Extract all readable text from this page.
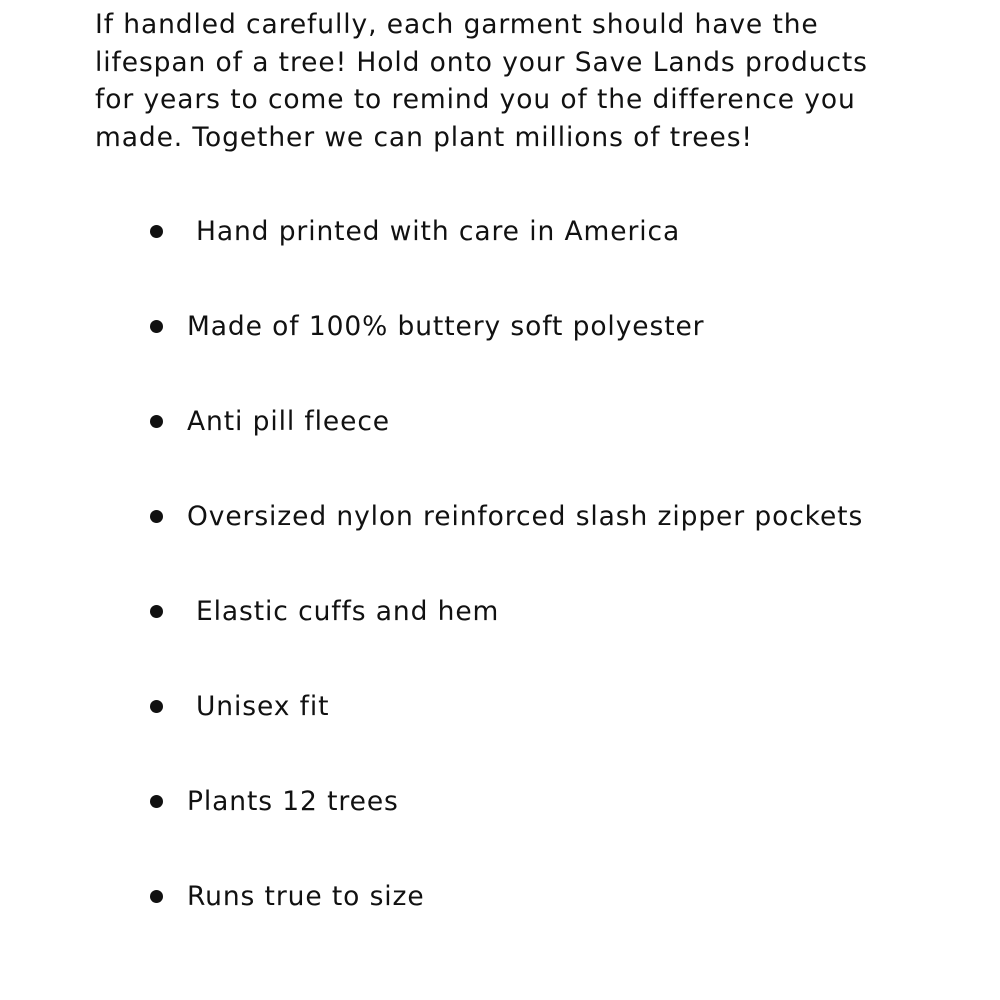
If handled carefully, each garment should have the
lifespan of a tree! Hold onto your Save Lands products
for years to come to remind you of the difference you
made. Together we can plant millions of trees!

Hand printed with care in America
Made of 100% buttery soft polyester
Anti pill fleece
Oversized nylon reinforced slash zipper pockets
Elastic cuffs and hem
Unisex fit
Plants 12 trees
Runs true to size
